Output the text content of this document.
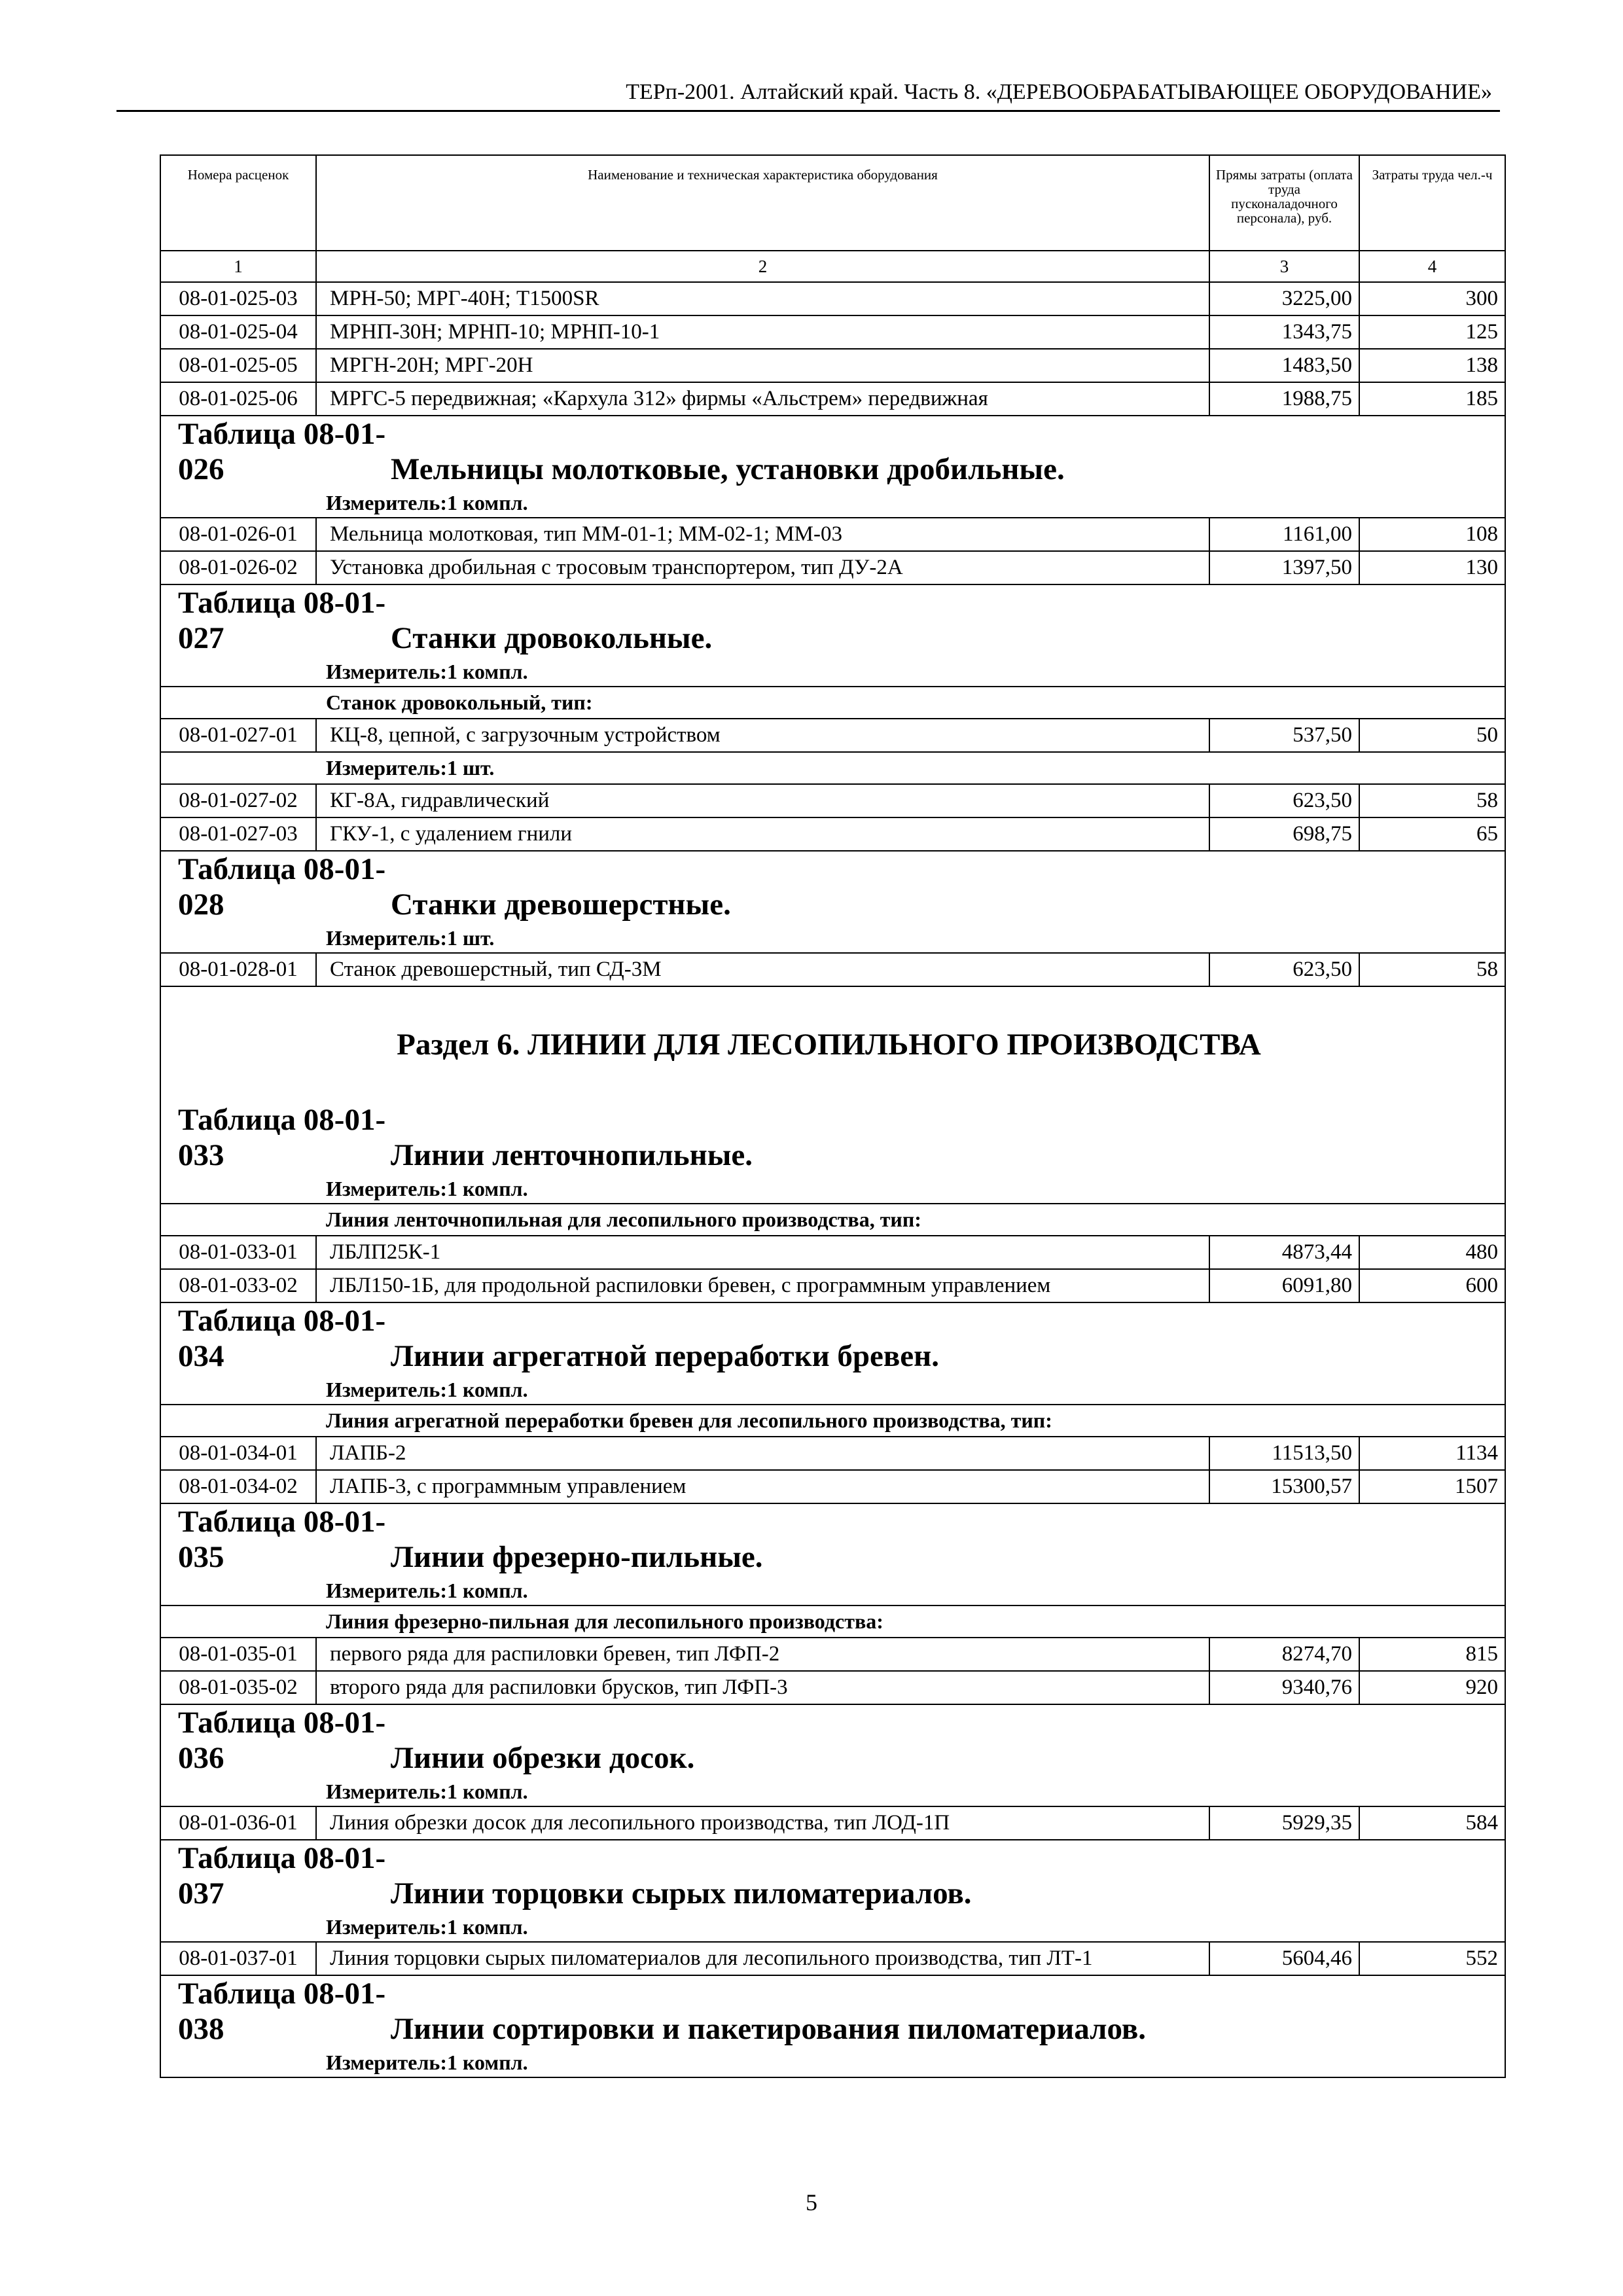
ТЕРп-2001. Алтайский край. Часть 8. «ДЕРЕВООБРАБАТЫВАЮЩЕЕ ОБОРУДОВАНИЕ»
Номера расценок	Наименование и техническая характеристика оборудования	Прямы затраты (оплата труда пусконаладочного персонала), руб.	Затраты труда чел.-ч
1	2	3	4
08-01-025-03	МРН-50; МРГ-40Н; Т1500SR	3225,00	300
08-01-025-04	МРНП-30Н; МРНП-10; МРНП-10-1	1343,75	125
08-01-025-05	МРГН-20Н; МРГ-20Н	1483,50	138
08-01-025-06	МРГС-5 передвижная; «Кархула 312» фирмы «Альстрем» передвижная	1988,75	185
Таблица 08-01-026 Мельницы молотковые, установки дробильные.			
Измеритель:1 компл.			
08-01-026-01	Мельница молотковая, тип ММ-01-1; ММ-02-1; ММ-03	1161,00	108
08-01-026-02	Установка дробильная с тросовым транспортером, тип ДУ-2А	1397,50	130
Таблица 08-01-027 Станки дровокольные.			
Измеритель:1 компл.			
Станок дровокольный, тип:			
08-01-027-01	КЦ-8, цепной, с загрузочным устройством	537,50	50
Измеритель:1 шт.			
08-01-027-02	КГ-8А, гидравлический	623,50	58
08-01-027-03	ГКУ-1, с удалением гнили	698,75	65
Таблица 08-01-028 Станки древошерстные.			
Измеритель:1 шт.			
08-01-028-01	Станок древошерстный, тип СД-3М	623,50	58
Раздел 6. ЛИНИИ ДЛЯ ЛЕСОПИЛЬНОГО ПРОИЗВОДСТВА			
Таблица 08-01-033 Линии ленточнопильные.			
Измеритель:1 компл.			
Линия ленточнопильная для лесопильного производства, тип:			
08-01-033-01	ЛБЛП25К-1	4873,44	480
08-01-033-02	ЛБЛ150-1Б, для продольной распиловки бревен, с программным управлением	6091,80	600
Таблица 08-01-034 Линии агрегатной переработки бревен.			
Измеритель:1 компл.			
Линия агрегатной переработки бревен для лесопильного производства, тип:			
08-01-034-01	ЛАПБ-2	11513,50	1134
08-01-034-02	ЛАПБ-3, с программным управлением	15300,57	1507
Таблица 08-01-035 Линии фрезерно-пильные.			
Измеритель:1 компл.			
Линия фрезерно-пильная для лесопильного производства:			
08-01-035-01	первого ряда для распиловки бревен, тип ЛФП-2	8274,70	815
08-01-035-02	второго ряда для распиловки брусков, тип ЛФП-3	9340,76	920
Таблица 08-01-036 Линии обрезки досок.			
Измеритель:1 компл.			
08-01-036-01	Линия обрезки досок для лесопильного производства, тип ЛОД-1П	5929,35	584
Таблица 08-01-037 Линии торцовки сырых пиломатериалов.			
Измеритель:1 компл.			
08-01-037-01	Линия торцовки сырых пиломатериалов для лесопильного производства, тип ЛТ-1	5604,46	552
Таблица 08-01-038 Линии сортировки и пакетирования пиломатериалов.			
Измеритель:1 компл.			
5
